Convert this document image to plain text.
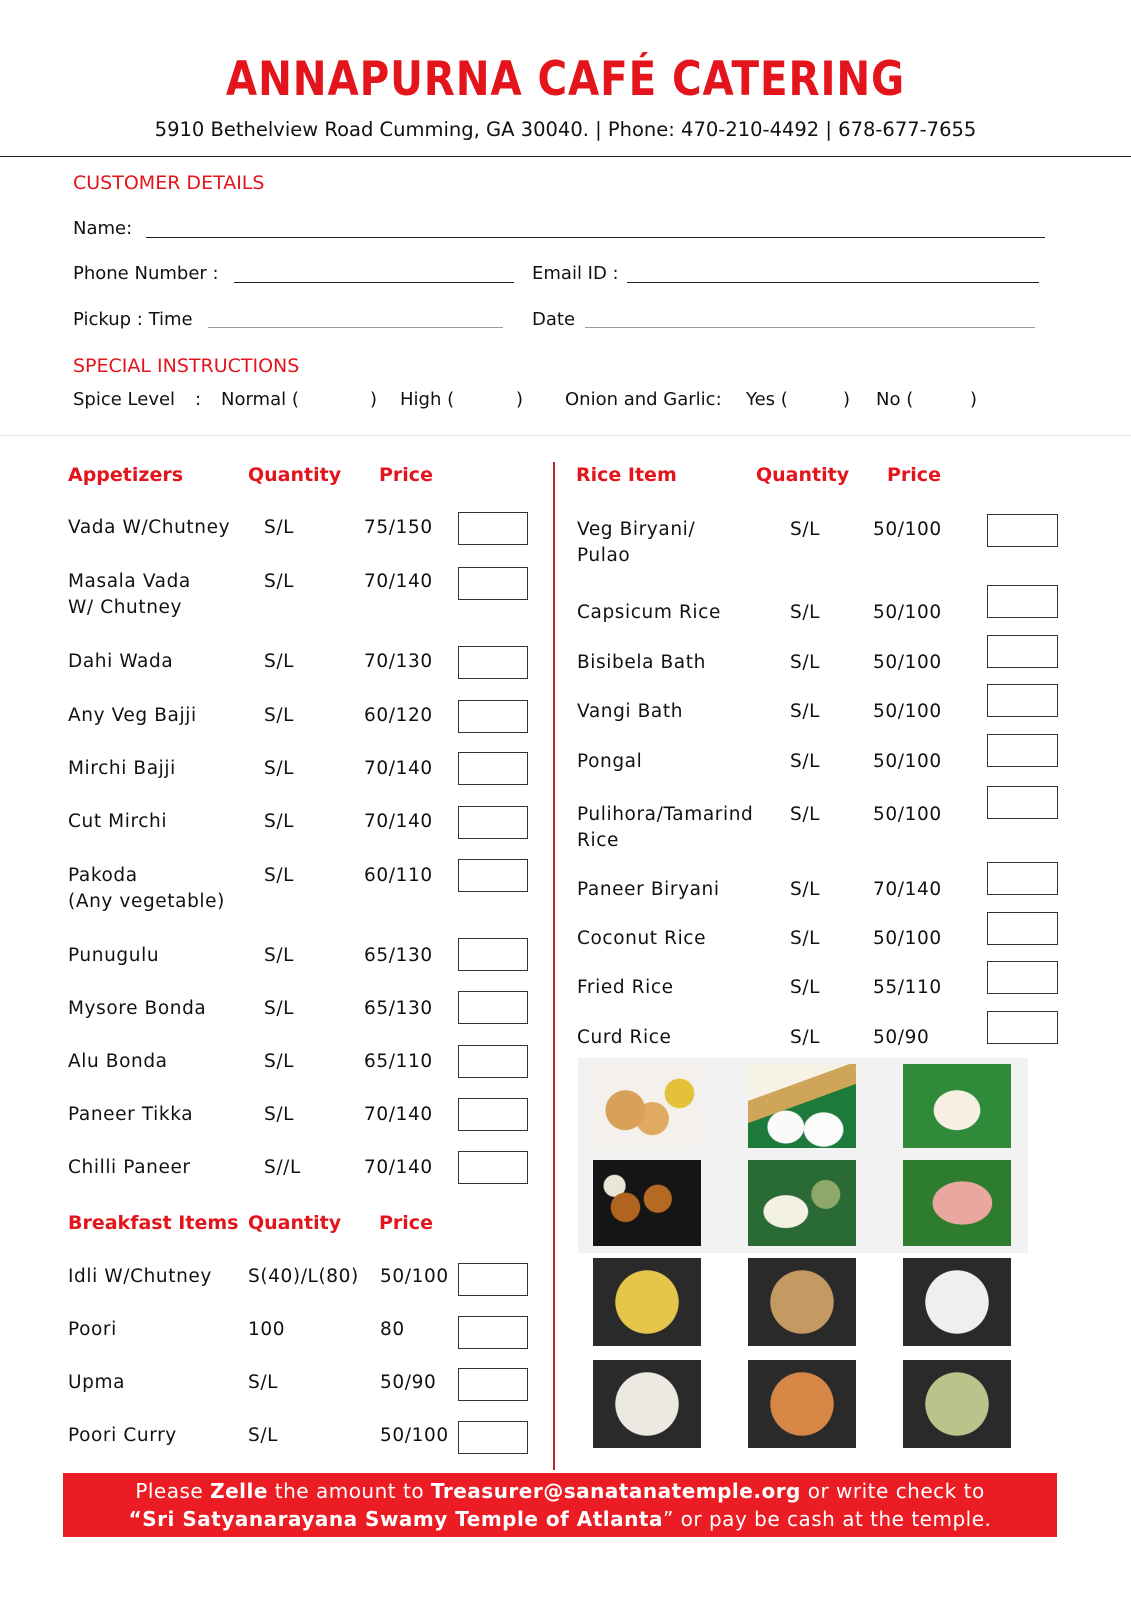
ANNAPURNA CAFÉ CATERING
5910 Bethelview Road Cumming, GA 30040. | Phone: 470-210-4492 | 678-677-7655
CUSTOMER DETAILS
Name:
Phone Number :	Email ID :
Pickup : Time	Date
SPECIAL INSTRUCTIONS
Spice Level : Normal (	) High (	) Onion and Garlic: Yes (	) No (	)
Appetizers	Quantity Price
Vada W/Chutney S/L	75/150
Masala Vada
W/ Chutney
S/L	70/140
Dahi Wada	S/L	70/130
Any Veg Bajji	S/L	60/120
Mirchi Bajji	S/L	70/140
Cut Mirchi	S/L	70/140
Pakoda
(Any vegetable)
S/L	60/110
Punugulu	S/L	65/130
Mysore Bonda	S/L	65/130
Alu Bonda	S/L	65/110
Paneer Tikka	S/L	70/140
Chilli Paneer	S//L	70/140
Breakfast Items Quantity Price
Idli W/Chutney S(40)/L(80) 50/100
Poori	100	80
Upma	S/L	50/90
Poori Curry	S/L	50/100
Rice Item	Quantity Price
Veg Biryani/
Pulao
S/L	50/100
Capsicum Rice	S/L	50/100
Bisibela Bath	S/L	50/100
Vangi Bath	S/L	50/100
Pongal	S/L	50/100
Pulihora/Tamarind
Rice
S/L	50/100
Paneer Biryani	S/L	70/140
Coconut Rice	S/L	50/100
Fried Rice	S/L	55/110
Curd Rice	S/L	50/90
Please Zelle the amount to Treasurer@sanatanatemple.org or write check to
“Sri Satyanarayana Swamy Temple of Atlanta” or pay be cash at the temple.
